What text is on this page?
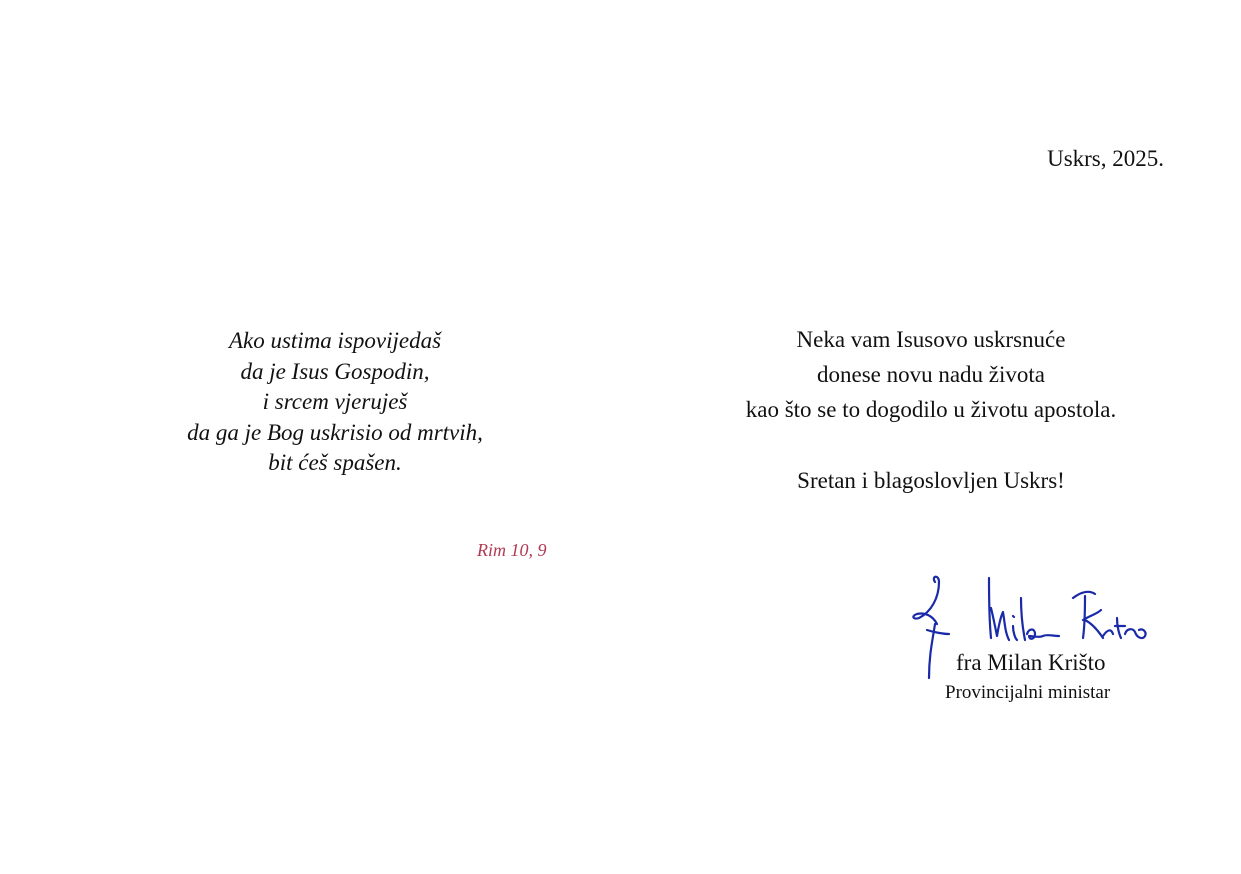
Uskrs, 2025.
Ako ustima ispovijedaš
da je Isus Gospodin,
i srcem vjeruješ
da ga je Bog uskrisio od mrtvih,
bit ćeš spašen.
Rim 10, 9
Neka vam Isusovo uskrsnuće
donese novu nadu života
kao što se to dogodilo u životu apostola.
Sretan i blagoslovljen Uskrs!
fra Milan Krišto
Provincijalni ministar
